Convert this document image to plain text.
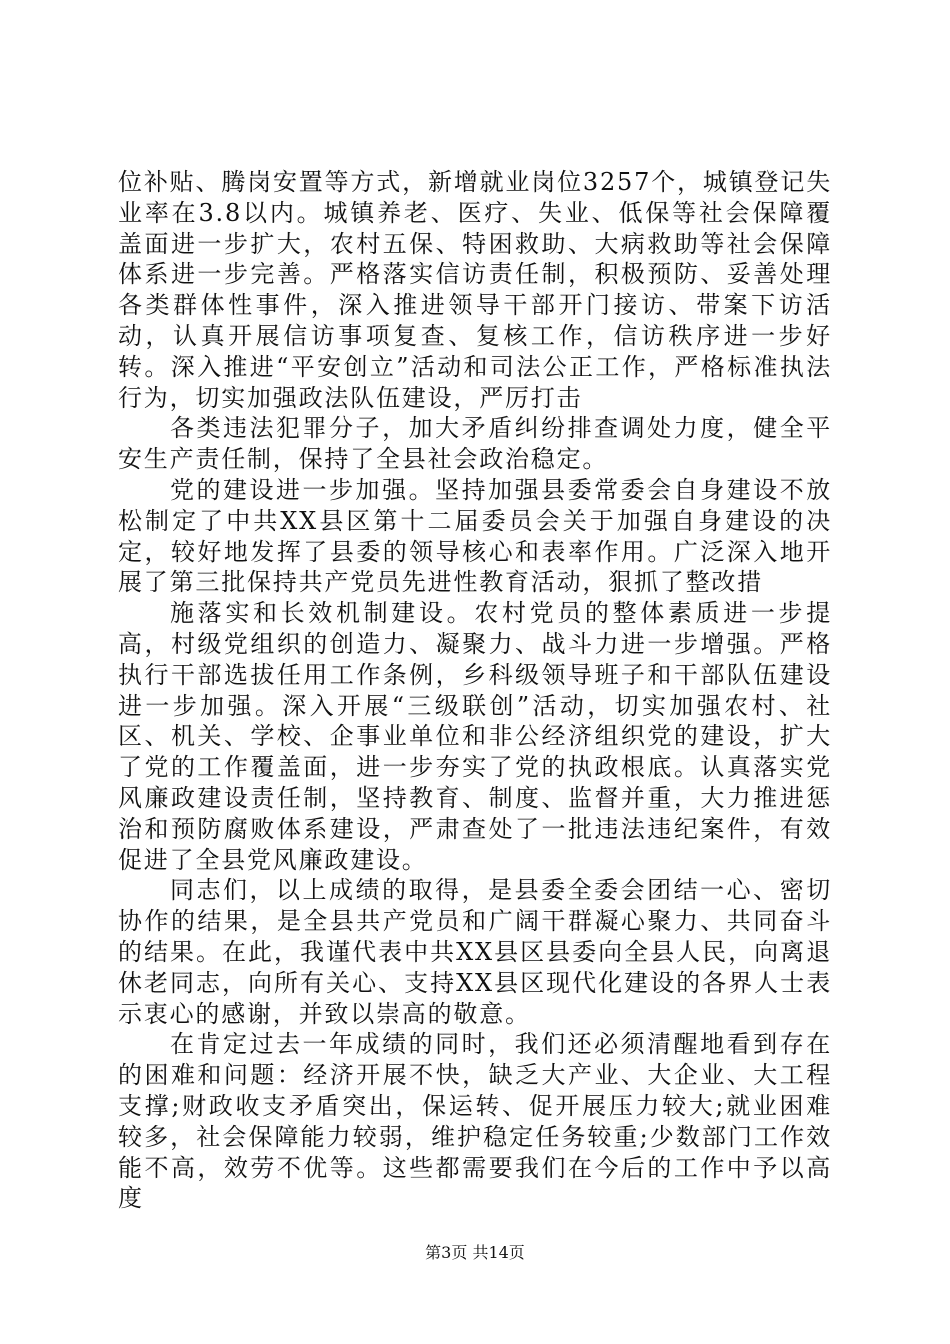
位补贴、腾岗安置等方式，新增就业岗位3257个，城镇登记失业率在3.8以内。城镇养老、医疗、失业、低保等社会保障覆盖面进一步扩大，农村五保、特困救助、大病救助等社会保障体系进一步完善。严格落实信访责任制，积极预防、妥善处理各类群体性事件，深入推进领导干部开门接访、带案下访活动，认真开展信访事项复查、复核工作，信访秩序进一步好转。深入推进“平安创立”活动和司法公正工作，严格标准执法行为，切实加强政法队伍建设，严厉打击

各类违法犯罪分子，加大矛盾纠纷排查调处力度，健全平安生产责任制，保持了全县社会政治稳定。

党的建设进一步加强。坚持加强县委常委会自身建设不放松制定了中共XX县区第十二届委员会关于加强自身建设的决定，较好地发挥了县委的领导核心和表率作用。广泛深入地开展了第三批保持共产党员先进性教育活动，狠抓了整改措

施落实和长效机制建设。农村党员的整体素质进一步提高，村级党组织的创造力、凝聚力、战斗力进一步增强。严格执行干部选拔任用工作条例，乡科级领导班子和干部队伍建设进一步加强。深入开展“三级联创”活动，切实加强农村、社区、机关、学校、企事业单位和非公经济组织党的建设，扩大了党的工作覆盖面，进一步夯实了党的执政根底。认真落实党风廉政建设责任制，坚持教育、制度、监督并重，大力推进惩治和预防腐败体系建设，严肃查处了一批违法违纪案件，有效促进了全县党风廉政建设。

同志们，以上成绩的取得，是县委全委会团结一心、密切协作的结果，是全县共产党员和广阔干群凝心聚力、共同奋斗的结果。在此，我谨代表中共XX县区县委向全县人民，向离退休老同志，向所有关心、支持XX县区现代化建设的各界人士表示衷心的感谢，并致以崇高的敬意。

在肯定过去一年成绩的同时，我们还必须清醒地看到存在的困难和问题：经济开展不快，缺乏大产业、大企业、大工程支撑;财政收支矛盾突出，保运转、促开展压力较大;就业困难较多，社会保障能力较弱，维护稳定任务较重;少数部门工作效能不高，效劳不优等。这些都需要我们在今后的工作中予以高度

第3页 共14页
